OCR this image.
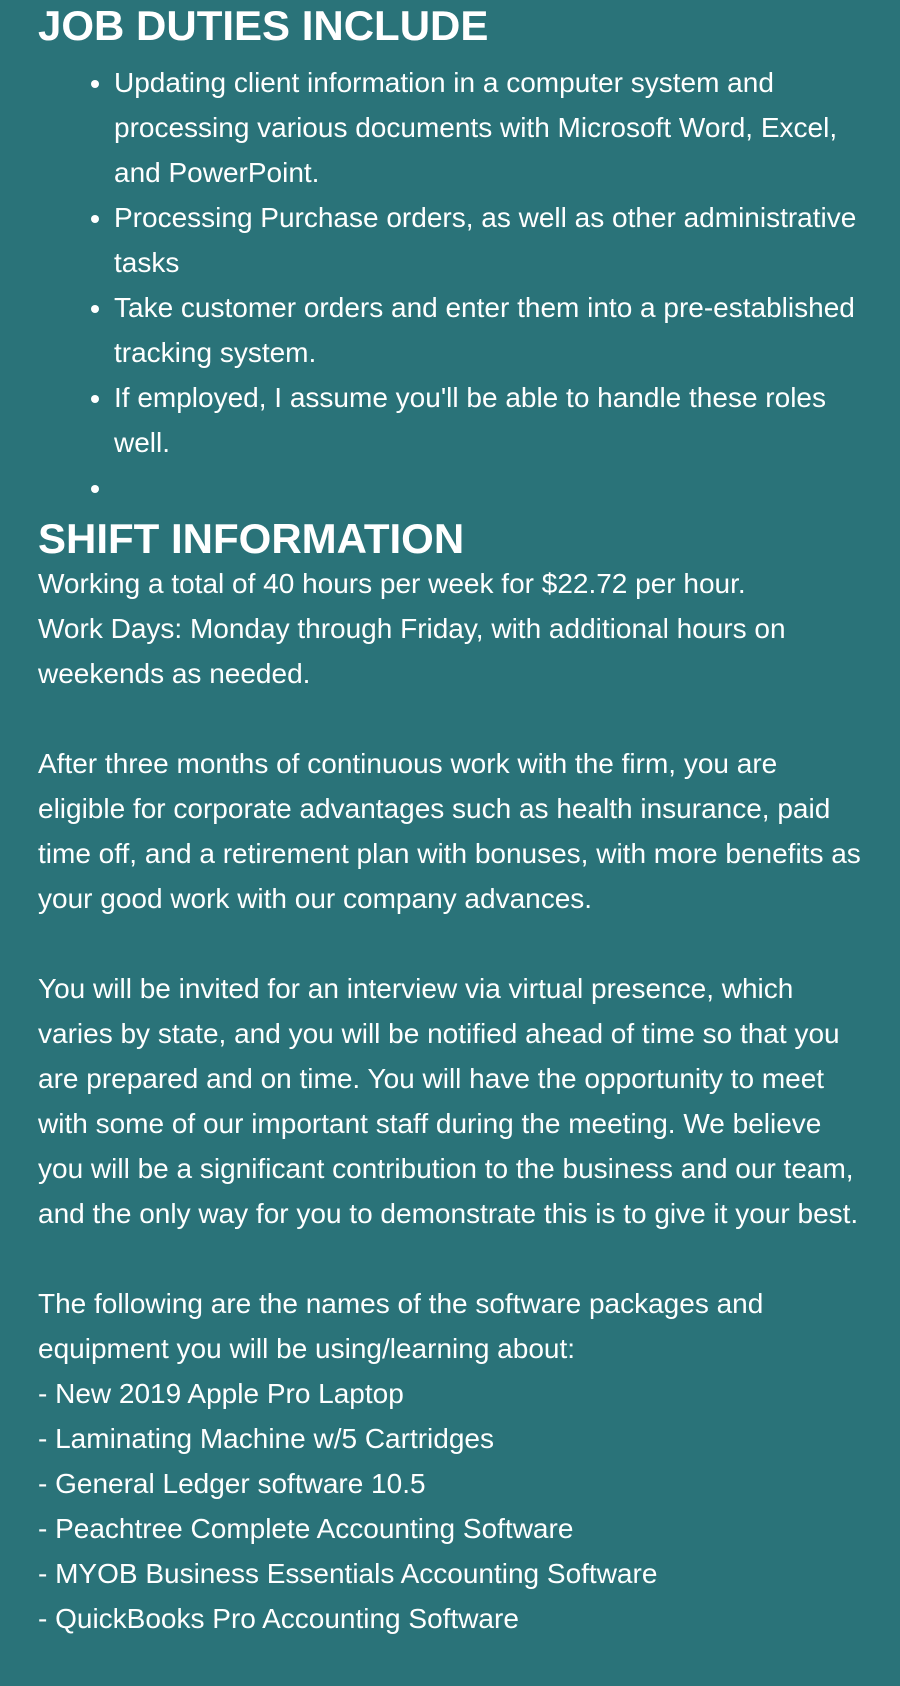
JOB DUTIES INCLUDE
• Updating client information in a computer system and processing various documents with Microsoft Word, Excel, and PowerPoint.
• Processing Purchase orders, as well as other administrative tasks
• Take customer orders and enter them into a pre-established tracking system.
• If employed, I assume you'll be able to handle these roles well.
•
SHIFT INFORMATION

Working a total of 40 hours per week for $22.72 per hour.

Work Days: Monday through Friday, with additional hours on weekends as needed.

After three months of continuous work with the firm, you are eligible for corporate advantages such as health insurance, paid time off, and a retirement plan with bonuses, with more benefits as your good work with our company advances.

You will be invited for an interview via virtual presence, which varies by state, and you will be notified ahead of time so that you are prepared and on time. You will have the opportunity to meet with some of our important staff during the meeting. We believe you will be a significant contribution to the business and our team, and the only way for you to demonstrate this is to give it your best.

The following are the names of the software packages and equipment you will be using/learning about:

- New 2019 Apple Pro Laptop
- Laminating Machine w/5 Cartridges
- General Ledger software 10.5
- Peachtree Complete Accounting Software
- MYOB Business Essentials Accounting Software
- QuickBooks Pro Accounting Software
